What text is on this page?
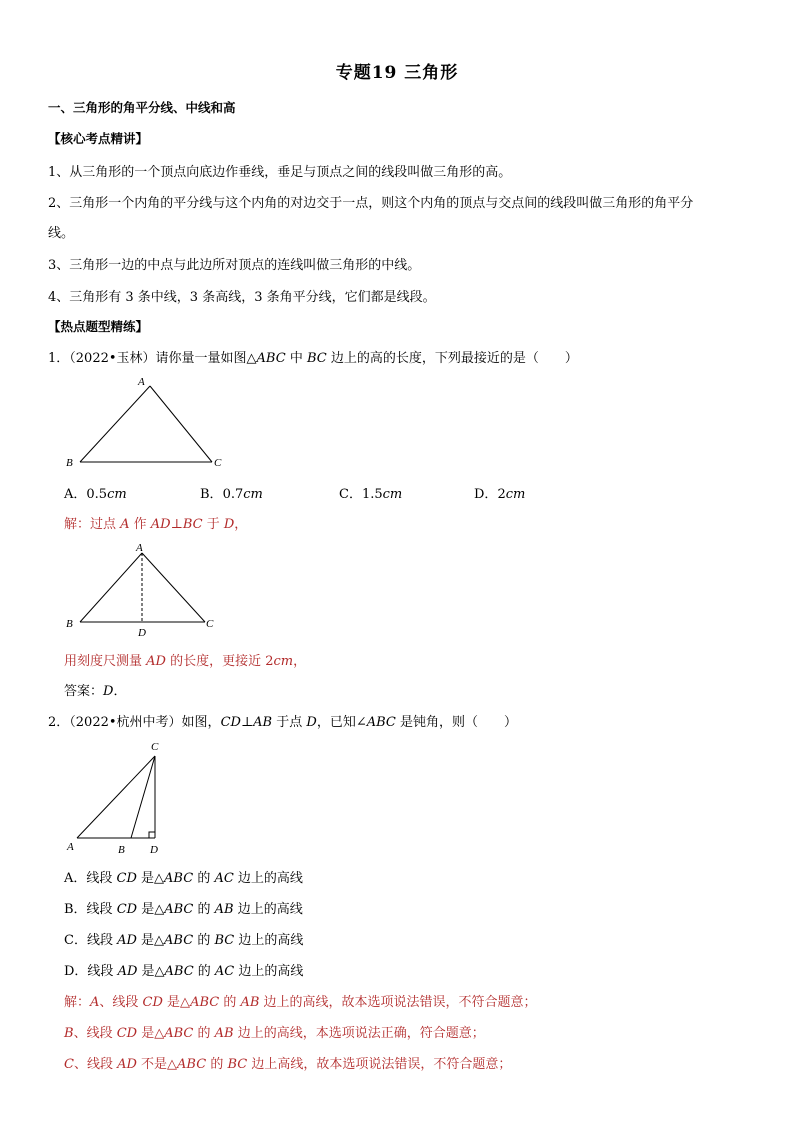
专题19 三角形
一、三角形的角平分线、中线和高
【核心考点精讲】
1、从三角形的一个顶点向底边作垂线，垂足与顶点之间的线段叫做三角形的高。
2、三角形一个内角的平分线与这个内角的对边交于一点，则这个内角的顶点与交点间的线段叫做三角形的角平分
线。
3、三角形一边的中点与此边所对顶点的连线叫做三角形的中线。
4、三角形有 3 条中线，3 条高线，3 条角平分线，它们都是线段。
【热点题型精练】
1．（2022•玉林）请你量一量如图△ABC 中 BC 边上的高的长度，下列最接近的是（　　）
A
B	C
A．0.5cm	B．0.7cm	C．1.5cm	D．2cm
解：过点 A 作 AD⊥BC 于 D，
A
B	C
D
用刻度尺测量 AD 的长度，更接近 2cm，
答案：D．
2．（2022•杭州中考）如图，CD⊥AB 于点 D，已知∠ABC 是钝角，则（　　）
C
A	B D
A．线段 CD 是△ABC 的 AC 边上的高线
B．线段 CD 是△ABC 的 AB 边上的高线
C．线段 AD 是△ABC 的 BC 边上的高线
D．线段 AD 是△ABC 的 AC 边上的高线
解：A、线段 CD 是△ABC 的 AB 边上的高线，故本选项说法错误，不符合题意；
B、线段 CD 是△ABC 的 AB 边上的高线，本选项说法正确，符合题意；
C、线段 AD 不是△ABC 的 BC 边上高线，故本选项说法错误，不符合题意；
